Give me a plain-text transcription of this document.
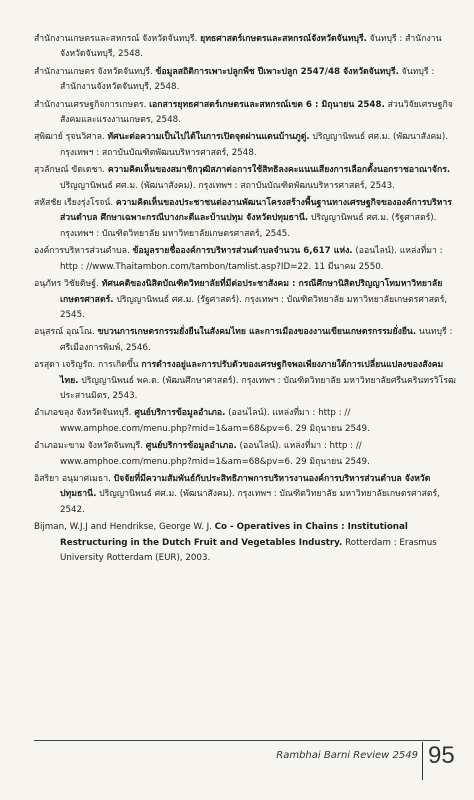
สำนักงานเกษตรและสหกรณ์ จังหวัดจันทบุรี. ยุทธศาสตร์เกษตรและสหกรณ์จังหวัดจันทบุรี. จันทบุรี : สำนักงานจังหวัดจันทบุรี, 2548.

สำนักงานเกษตร จังหวัดจันทบุรี. ข้อมูลสถิติการเพาะปลูกพืช ปีเพาะปลูก 2547/48 จังหวัดจันทบุรี. จันทบุรี : สำนักงานจังหวัดจันทบุรี, 2548.

สำนักงานเศรษฐกิจการเกษตร. เอกสารยุทธศาสตร์เกษตรและสหกรณ์เขต 6 : มิถุนายน 2548. ส่วนวิจัยเศรษฐกิจสังคมและแรงงานเกษตร, 2548.

สุพิฒาย์ รุจนวิศาล. ทัศนะต่อความเป็นไปได้ในการเปิดจุดผ่านแดนบ้านภูดู่. ปริญญานิพนธ์ ศศ.ม. (พัฒนาสังคม). กรุงเทพฯ : สถาบันบัณฑิตพัฒนบริหารศาสตร์, 2548.

สุวลักษณ์ ขัตเดชา. ความคิดเห็นของสมาชิกวุฒิสภาต่อการใช้สิทธิลงคะแนนเสียงการเลือกตั้งนอกราชอาณาจักร. ปริญญานิพนธ์ ศศ.ม. (พัฒนาสังคม). กรุงเทพฯ : สถาบันบัณฑิตพัฒนบริหารศาสตร์, 2543.

สหัสชัย เรียงรุ่งโรจน์. ความคิดเห็นของประชาชนต่องานพัฒนาโครงสร้างพื้นฐานทางเศรษฐกิจขององค์การบริหารส่วนตำบล ศึกษาเฉพาะกรณีบางกะดีและบ้านปทุม จังหวัดปทุมธานี. ปริญญานิพนธ์ ศศ.ม. (รัฐศาสตร์). กรุงเทพฯ : บัณฑิตวิทยาลัย มหาวิทยาลัยเกษตรศาสตร์, 2545.

องค์การบริหารส่วนตำบล. ข้อมูลรายชื่อองค์การบริหารส่วนตำบลจำนวน 6,617 แห่ง. (ออนไลน์). แหล่งที่มา : http : //www.Thaitambon.com/tambon/tamlist.asp?ID=22. 11 มีนาคม 2550.

อนุภัทร วิชัยดิษฐ์. ทัศนคติของนิสิตบัณฑิตวิทยาลัยที่มีต่อประชาสังคม : กรณีศึกษานิสิตปริญญาโทมหาวิทยาลัยเกษตรศาสตร์. ปริญญานิพนธ์ ศศ.ม. (รัฐศาสตร์). กรุงเทพฯ : บัณฑิตวิทยาลัย มหาวิทยาลัยเกษตรศาสตร์, 2545.

อนุสรณ์ อุณโณ. ขบวนการเกษตรกรรมยั่งยืนในสังคมไทย และการเมืองของงานเขียนเกษตรกรรมยั่งยืน. นนทบุรี : ศรีเมืองการพิมพ์, 2546.

อรสุดา เจริญรัถ. การเกิดขึ้น การดำรงอยู่และการปรับตัวของเศรษฐกิจพอเพียงภายใต้การเปลี่ยนแปลงของสังคมไทย. ปริญญานิพนธ์ พค.ด. (พัฒนศึกษาศาสตร์). กรุงเทพฯ : บัณฑิตวิทยาลัย มหาวิทยาลัยศรีนครินทรวิโรฒ ประสานมิตร, 2543.

อำเภอขลุง จังหวัดจันทบุรี. ศูนย์บริการข้อมูลอำเภอ. (ออนไลน์). แหล่งที่มา : http : // www.amphoe.com/menu.php?mid=1&am=68&pv=6. 29 มิถุนายน 2549.

อำเภอมะขาม จังหวัดจันทบุรี. ศูนย์บริการข้อมูลอำเภอ. (ออนไลน์). แหล่งที่มา : http : // www.amphoe.com/menu.php?mid=1&am=68&pv=6. 29 มิถุนายน 2549.

อิสริยา อนุมาศเมธา. ปัจจัยที่มีความสัมพันธ์กับประสิทธิภาพการบริหารงานองค์การบริหารส่วนตำบล จังหวัดปทุมธานี. ปริญญานิพนธ์ ศศ.ม. (พัฒนาสังคม). กรุงเทพฯ : บัณฑิตวิทยาลัย มหาวิทยาลัยเกษตรศาสตร์, 2542.

Bijman, W.J.J and Hendrikse, George W. J. Co - Operatives in Chains : Institutional Restructuring in the Dutch Fruit and Vegetables Industry. Rotterdam : Erasmus University Rotterdam (EUR), 2003.

Rambhai Barni Review 2549 95
